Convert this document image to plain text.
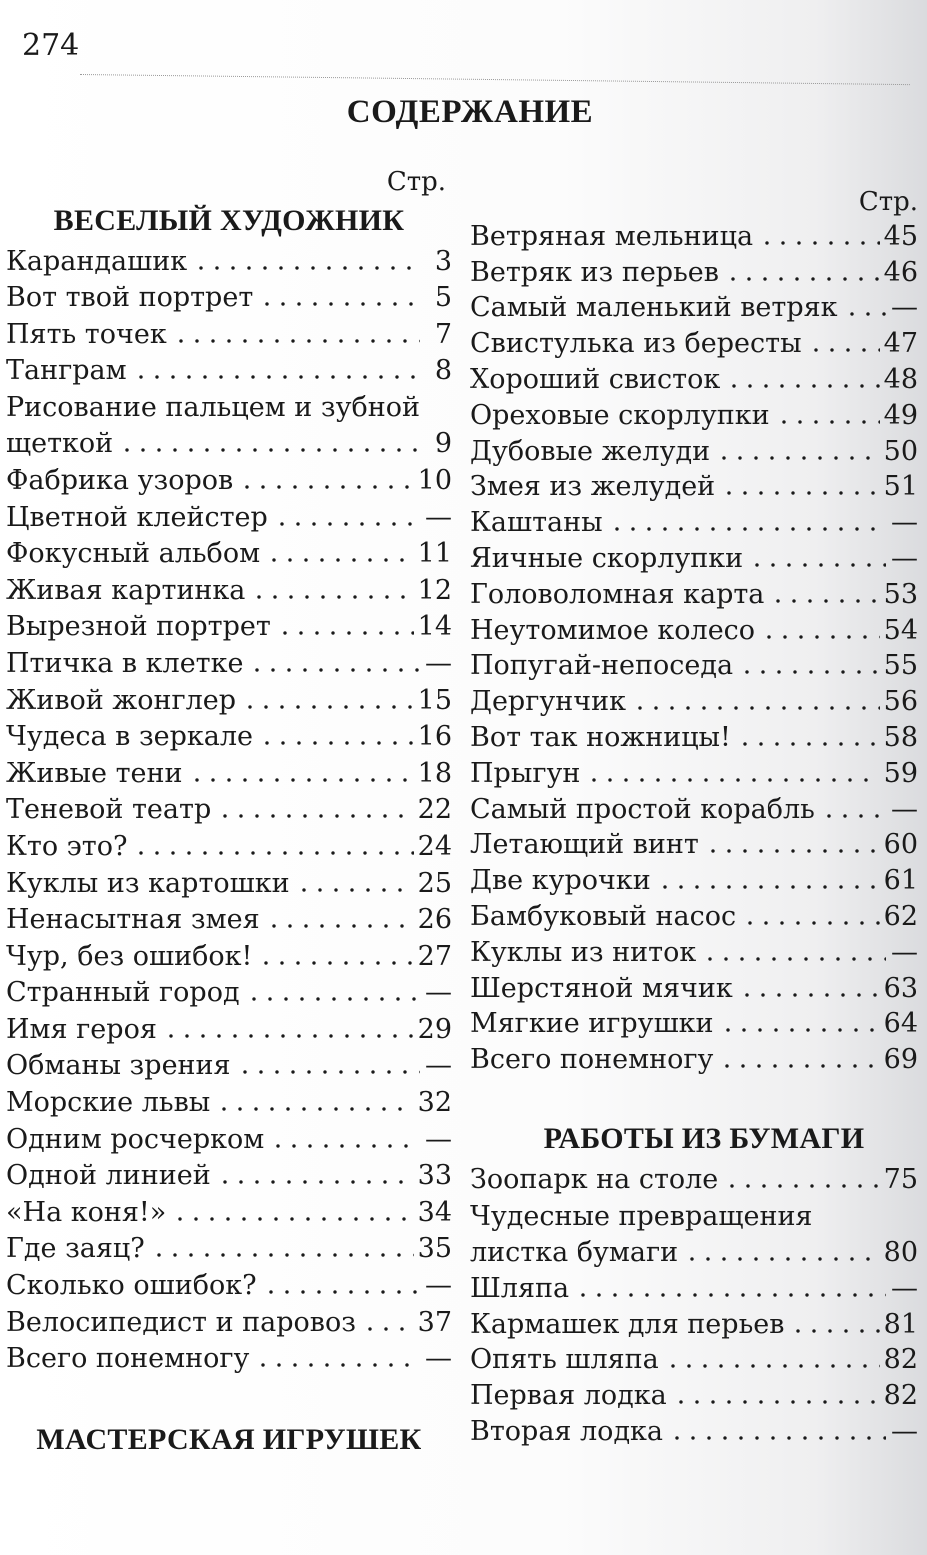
274
СОДЕРЖАНИЕ
Стр.
ВЕСЕЛЫЙ ХУДОЖНИК
Карандашик	3
Вот твой портрет	5
Пять точек	7
Танграм	8
Рисование пальцем и зубной
щеткой	9
Фабрика узоров	10
Цветной клейстер	—
Фокусный альбом	11
Живая картинка	12
Вырезной портрет	14
Птичка в клетке	—
Живой жонглер	15
Чудеса в зеркале	16
Живые тени	18
Теневой театр	22
Кто это?	24
Куклы из картошки	25
Ненасытная змея	26
Чур, без ошибок!	27
Странный город	—
Имя героя	29
Обманы зрения	—
Морские львы	32
Одним росчерком	—
Одной линией	33
«На коня!»	34
Где заяц?	35
Сколько ошибок?	—
Велосипедист и паровоз 37
Всего понемногу	—
МАСТЕРСКАЯ ИГРУШЕК
Стр.
Ветряная мельница	45
Ветряк из перьев	46
Самый маленький ветряк —
Свистулька из бересты	47
Хороший свисток	48
Ореховые скорлупки	49
Дубовые желуди	50
Змея из желудей	51
Каштаны	—
Яичные скорлупки	—
Головоломная карта	53
Неутомимое колесо	54
Попугай-непоседа	55
Дергунчик	56
Вот так ножницы!	58
Прыгун	59
Самый простой корабль	—
Летающий винт	60
Две курочки	61
Бамбуковый насос	62
Куклы из ниток	—
Шерстяной мячик	63
Мягкие игрушки	64
Всего понемногу	69
РАБОТЫ ИЗ БУМАГИ
Зоопарк на столе	75
Чудесные превращения
листка бумаги	80
Шляпа	—
Кармашек для перьев	81
Опять шляпа	82
Первая лодка	82
Вторая лодка	—
